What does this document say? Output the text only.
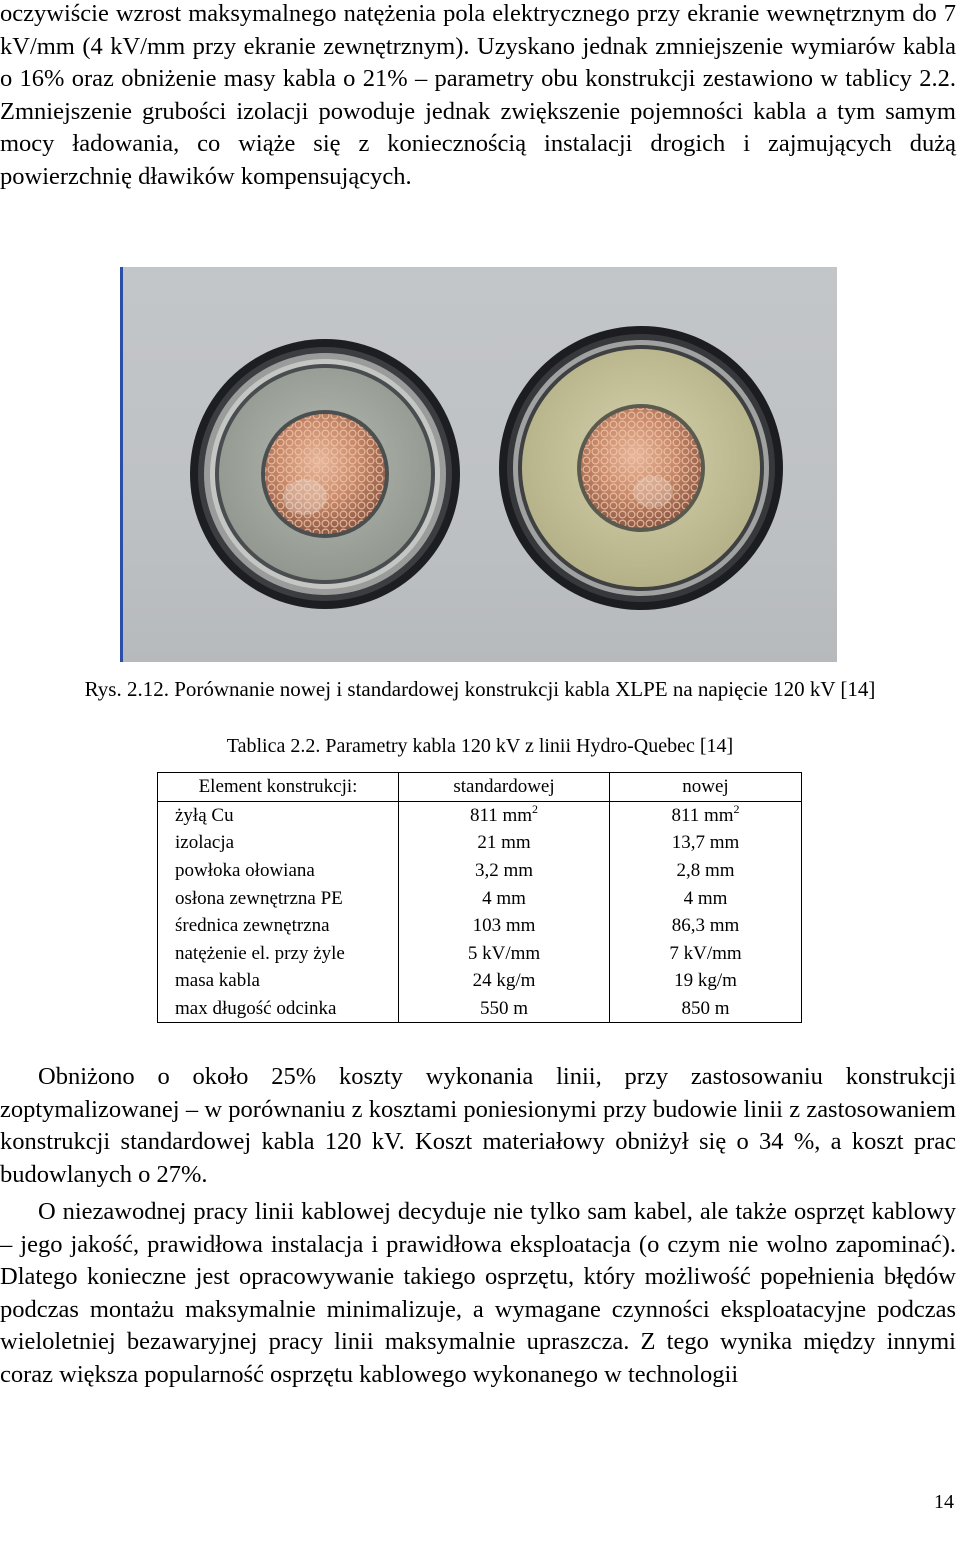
oczywiście wzrost maksymalnego natężenia pola elektrycznego przy ekranie wewnętrznym do 7 kV/mm (4 kV/mm przy ekranie zewnętrznym). Uzyskano jednak zmniejszenie wymiarów kabla o 16% oraz obniżenie masy kabla o 21% – parametry obu konstrukcji zestawiono w tablicy 2.2. Zmniejszenie grubości izolacji powoduje jednak zwiększenie pojemności kabla a tym samym mocy ładowania, co wiąże się z koniecznością instalacji drogich i zajmujących dużą powierzchnię dławików kompensujących.

Rys. 2.12. Porównanie nowej i standardowej konstrukcji kabla XLPE na napięcie 120 kV [14]
Tablica 2.2. Parametry kabla 120 kV z linii Hydro-Quebec [14]
Element konstrukcji:	standardowej	nowej
żyłą Cu	811 $mm^2$	811 $mm^2$
izolacja	21 mm	13,7 mm
powłoka ołowiana	3,2 mm	2,8 mm
osłona zewnętrzna PE	4 mm	4 mm
średnica zewnętrzna	103 mm	86,3 mm
natężenie el. przy żyle	5 kV/mm	7 kV/mm
masa kabla	24 kg/m	19 kg/m
max długość odcinka	550 m	850 m

Obniżono o około 25% koszty wykonania linii, przy zastosowaniu konstrukcji zoptymalizowanej – w porównaniu z kosztami poniesionymi przy budowie linii z zastosowaniem konstrukcji standardowej kabla 120 kV. Koszt materiałowy obniżył się o 34 %, a koszt prac budowlanych o 27%.

O niezawodnej pracy linii kablowej decyduje nie tylko sam kabel, ale także osprzęt kablowy – jego jakość, prawidłowa instalacja i prawidłowa eksploatacja (o czym nie wolno zapominać). Dlatego konieczne jest opracowywanie takiego osprzętu, który możliwość popełnienia błędów podczas montażu maksymalnie minimalizuje, a wymagane czynności eksploatacyjne podczas wieloletniej bezawaryjnej pracy linii maksymalnie upraszcza. Z tego wynika między innymi coraz większa popularność osprzętu kablowego wykonanego w technologii

14
